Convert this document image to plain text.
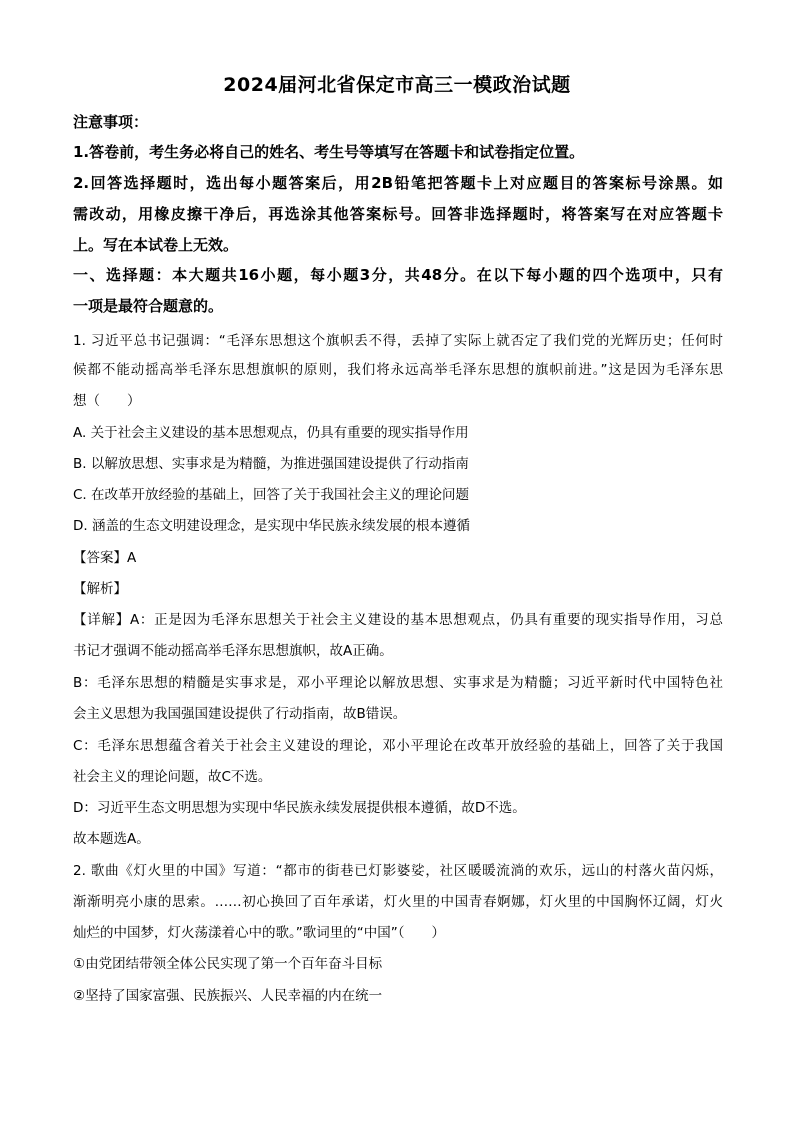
2024届河北省保定市高三一模政治试题
注意事项：
1.答卷前，考生务必将自己的姓名、考生号等填写在答题卡和试卷指定位置。
2.回答选择题时，选出每小题答案后，用2B铅笔把答题卡上对应题目的答案标号涂黑。如
需改动，用橡皮擦干净后，再选涂其他答案标号。回答非选择题时，将答案写在对应答题卡
上。写在本试卷上无效。
一、选择题：本大题共16小题，每小题3分，共48分。在以下每小题的四个选项中，只有
一项是最符合题意的。
1. 习近平总书记强调：“毛泽东思想这个旗帜丢不得，丢掉了实际上就否定了我们党的光辉历史；任何时
候都不能动摇高举毛泽东思想旗帜的原则，我们将永远高举毛泽东思想的旗帜前进。”这是因为毛泽东思
想（　　）
A. 关于社会主义建设的基本思想观点，仍具有重要的现实指导作用
B. 以解放思想、实事求是为精髓，为推进强国建设提供了行动指南
C. 在改革开放经验的基础上，回答了关于我国社会主义的理论问题
D. 涵盖的生态文明建设理念，是实现中华民族永续发展的根本遵循
【答案】A
【解析】
【详解】A：正是因为毛泽东思想关于社会主义建设的基本思想观点，仍具有重要的现实指导作用，习总
书记才强调不能动摇高举毛泽东思想旗帜，故A正确。
B：毛泽东思想的精髓是实事求是，邓小平理论以解放思想、实事求是为精髓；习近平新时代中国特色社
会主义思想为我国强国建设提供了行动指南，故B错误。
C：毛泽东思想蕴含着关于社会主义建设的理论，邓小平理论在改革开放经验的基础上，回答了关于我国
社会主义的理论问题，故C不选。
D：习近平生态文明思想为实现中华民族永续发展提供根本遵循，故D不选。
故本题选A。
2. 歌曲《灯火里的中国》写道：“都市的街巷已灯影婆娑，社区暖暖流淌的欢乐，远山的村落火苗闪烁，
渐渐明亮小康的思索。……初心换回了百年承诺，灯火里的中国青春婀娜，灯火里的中国胸怀辽阔，灯火
灿烂的中国梦，灯火荡漾着心中的歌。”歌词里的“中国”（　　）
①由党团结带领全体公民实现了第一个百年奋斗目标
②坚持了国家富强、民族振兴、人民幸福的内在统一
